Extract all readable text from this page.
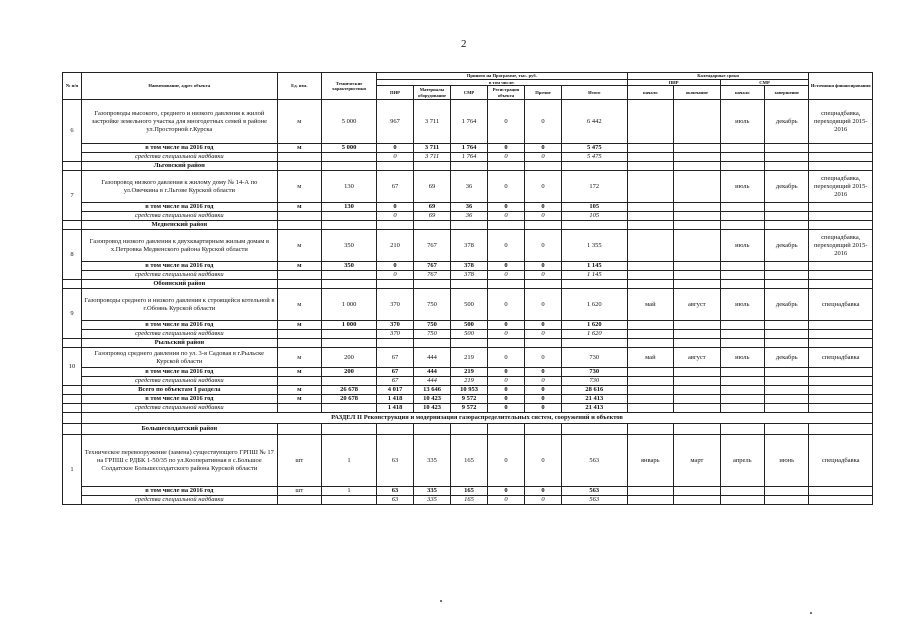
2
№ п/п	Наименование, адрес объекта	Ед. изм.	Технические характеристики	Принято на Программе, тыс. руб.						Календарные сроки				Источники финансирования
				в том числе:						ПИР		СМР		
				ПИР	Материалы оборудование	СМР	Регистрация объекта	Прочие	Итого	начало	окончание	начало	завершение	
6	Газопроводы высокого, среднего и низкого давления к жилой застройке земельного участка для многодетных семей в районе ул.Просторной г.Курска	м	5 000	967	3 711	1 764	0	0	6 442			июль	декабрь	спецнадбавка, переходящий 2015-2016
	в том числе на 2016 год	м	5 000	0	3 711	1 764	0	0	5 475					
	средства специальной надбавки			0	3 711	1 764	0	0	5 475					
	Льговский район													
7	Газопровод низкого давления к жилому дому № 14-А по ул.Овечкина в г.Льгове Курской области	м	130	67	69	36	0	0	172			июль	декабрь	спецнадбавка, переходящий 2015-2016
	в том числе на 2016 год	м	130	0	69	36	0	0	105					
	средства специальной надбавки			0	69	36	0	0	105					
	Медвенский район													
8	Газопровод низкого давления к двухквартирным жилым домам в х.Петровка Медвенского района Курской области	м	350	210	767	378	0	0	1 355			июль	декабрь	спецнадбавка, переходящий 2015-2016
	в том числе на 2016 год	м	350	0	767	378	0	0	1 145					
	средства специальной надбавки			0	767	378	0	0	1 145					
	Обоянский район													
9	Газопроводы среднего и низкого давления к строящейся котельной в г.Обоянь Курской области	м	1 000	370	750	500	0	0	1 620	май	август	июль	декабрь	спецнадбавка
	в том числе на 2016 год	м	1 000	370	750	500	0	0	1 620					
	средства специальной надбавки			370	750	500	0	0	1 620					
	Рыльский район													
10	Газопровод среднего давления по ул. 3-я Садовая в г.Рыльске Курской области	м	200	67	444	219	0	0	730	май	август	июль	декабрь	спецнадбавка
	в том числе на 2016 год	м	200	67	444	219	0	0	730					
	средства специальной надбавки			67	444	219	0	0	730					
	Всего по объектам I раздела	м	26 678	4 017	13 646	10 953	0	0	28 616					
	в том числе на 2016 год	м	20 678	1 418	10 423	9 572	0	0	21 413					
	средства специальной надбавки			1 418	10 423	9 572	0	0	21 413					
	РАЗДЕЛ II Реконструкция и модернизация газораспределительных систем, сооружений и объектов													
	Большесолдатский район													
1	Техническое перевооружение (замена) существующего ГРПШ № 17 на ГРПШ с РДБК 1-50/35 по ул.Кооперативная в с.Большое Солдатское Большесолдатского района Курской области	шт	1	63	335	165	0	0	563	январь	март	апрель	июнь	спецнадбавка
	в том числе на 2016 год	шт	1	63	335	165	0	0	563					
	средства специальной надбавки			63	335	165	0	0	563					
